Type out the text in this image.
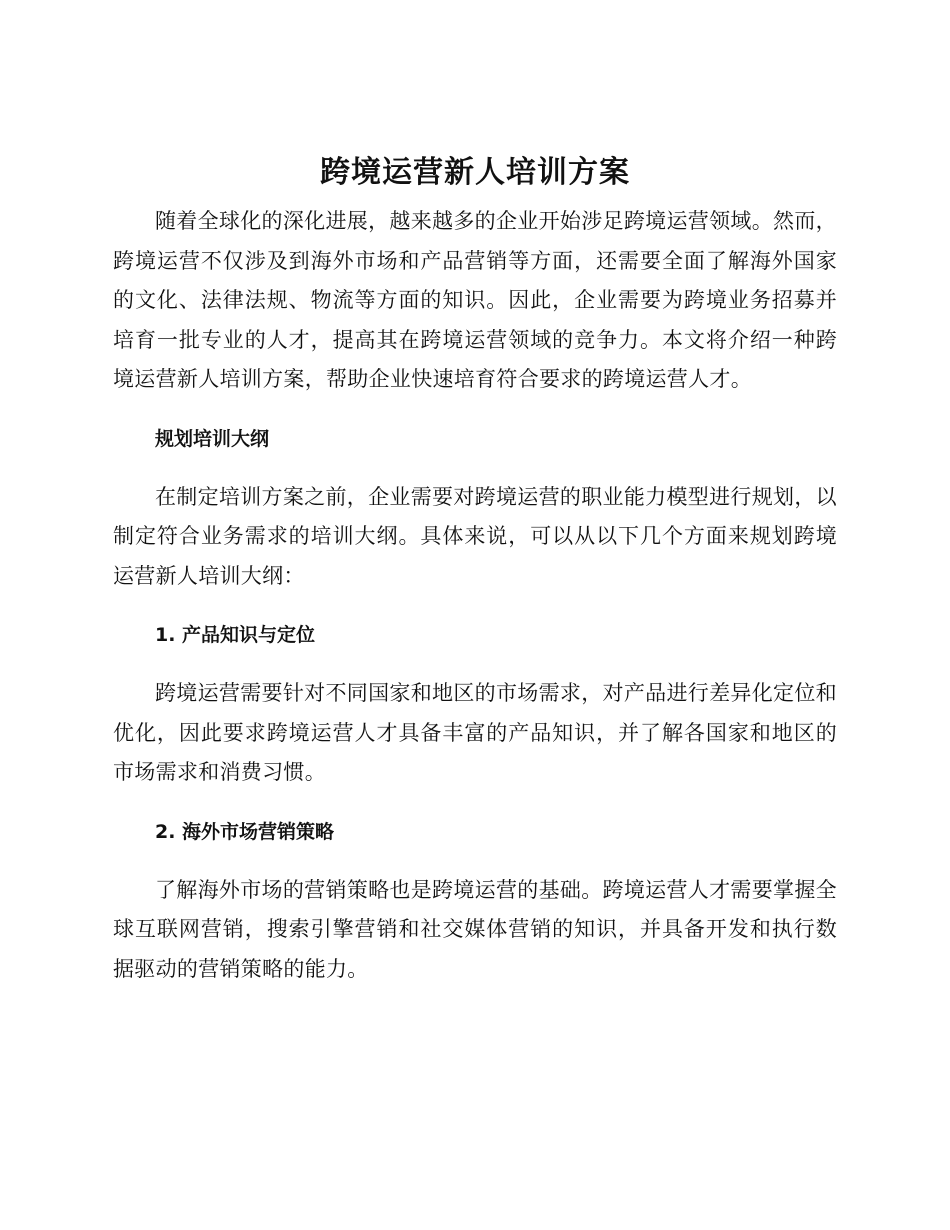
跨境运营新人培训方案

随着全球化的深化进展，越来越多的企业开始涉足跨境运营领域。然而，跨境运营不仅涉及到海外市场和产品营销等方面，还需要全面了解海外国家的文化、法律法规、物流等方面的知识。因此，企业需要为跨境业务招募并培育一批专业的人才，提高其在跨境运营领域的竞争力。本文将介绍一种跨境运营新人培训方案，帮助企业快速培育符合要求的跨境运营人才。

规划培训大纲

在制定培训方案之前，企业需要对跨境运营的职业能力模型进行规划，以制定符合业务需求的培训大纲。具体来说，可以从以下几个方面来规划跨境运营新人培训大纲：

1. 产品知识与定位

跨境运营需要针对不同国家和地区的市场需求，对产品进行差异化定位和优化，因此要求跨境运营人才具备丰富的产品知识，并了解各国家和地区的市场需求和消费习惯。

2. 海外市场营销策略

了解海外市场的营销策略也是跨境运营的基础。跨境运营人才需要掌握全球互联网营销，搜索引擎营销和社交媒体营销的知识，并具备开发和执行数据驱动的营销策略的能力。
